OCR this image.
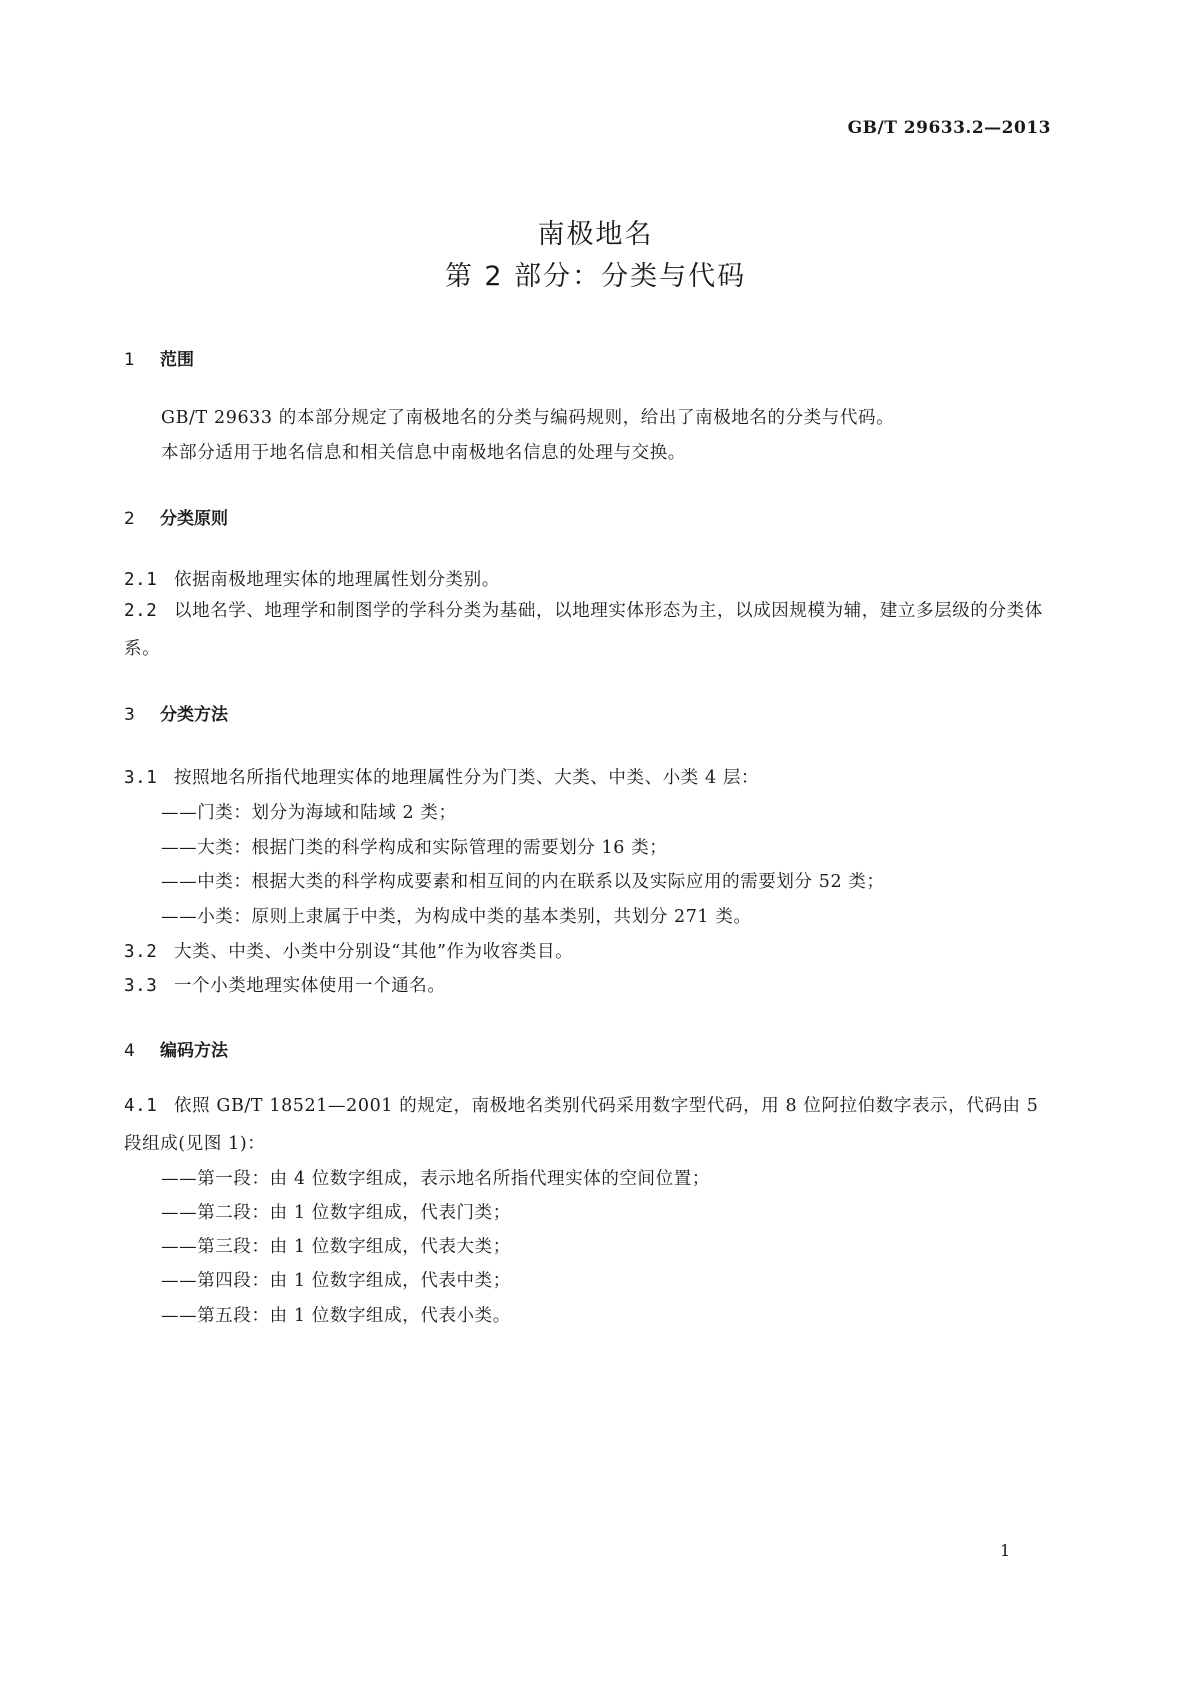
GB/T 29633.2—2013
南极地名
第 2 部分：分类与代码
1 范围
GB/T 29633 的本部分规定了南极地名的分类与编码规则，给出了南极地名的分类与代码。
本部分适用于地名信息和相关信息中南极地名信息的处理与交换。
2 分类原则
2.1 依据南极地理实体的地理属性划分类别。
2.2 以地名学、地理学和制图学的学科分类为基础，以地理实体形态为主，以成因规模为辅，建立多层级的分类体系。
3 分类方法
3.1 按照地名所指代地理实体的地理属性分为门类、大类、中类、小类 4 层：
——门类：划分为海域和陆域 2 类；
——大类：根据门类的科学构成和实际管理的需要划分 16 类；
——中类：根据大类的科学构成要素和相互间的内在联系以及实际应用的需要划分 52 类；
——小类：原则上隶属于中类，为构成中类的基本类别，共划分 271 类。
3.2 大类、中类、小类中分别设“其他”作为收容类目。
3.3 一个小类地理实体使用一个通名。
4 编码方法
4.1 依照 GB/T 18521—2001 的规定，南极地名类别代码采用数字型代码，用 8 位阿拉伯数字表示，代码由 5 段组成(见图 1)：
——第一段：由 4 位数字组成，表示地名所指代理实体的空间位置；
——第二段：由 1 位数字组成，代表门类；
——第三段：由 1 位数字组成，代表大类；
——第四段：由 1 位数字组成，代表中类；
——第五段：由 1 位数字组成，代表小类。
1
